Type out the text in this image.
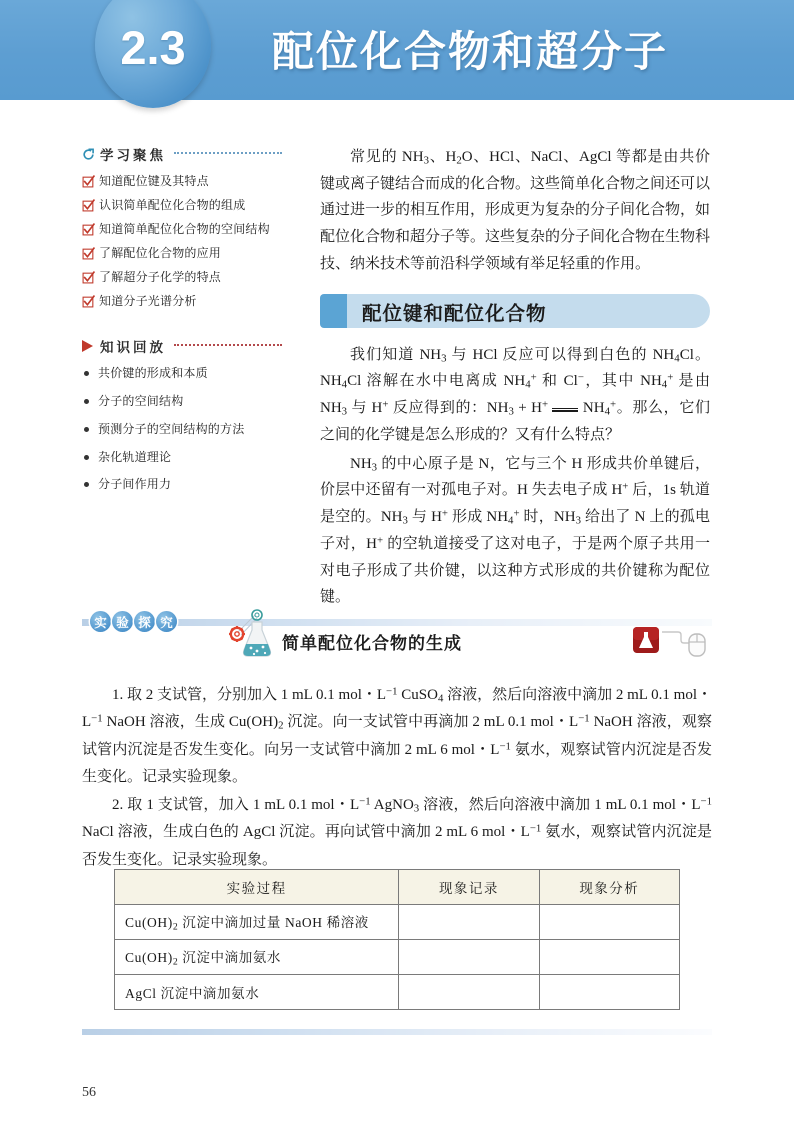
2.3	配位化合物和超分子
学习聚焦
知道配位键及其特点
认识简单配位化合物的组成
知道简单配位化合物的空间结构
了解配位化合物的应用
了解超分子化学的特点
知道分子光谱分析
知识回放
共价键的形成和本质
分子的空间结构
预测分子的空间结构的方法
杂化轨道理论
分子间作用力

常见的 $NH_3$、$H_2O$、HCl、NaCl、AgCl 等都是由共价键或离子键结合而成的化合物。这些简单化合物之间还可以通过进一步的相互作用，形成更为复杂的分子间化合物，如配位化合物和超分子等。这些复杂的分子间化合物在生物科技、纳米技术等前沿科学领域有举足轻重的作用。

配位键和配位化合物

我们知道 $NH_3$ 与 HCl 反应可以得到白色的 $NH_4Cl$。$NH_4Cl$ 溶解在水中电离成 $NH_4^+$ 和 Cl−，其中 $NH_4^+$ 是由 $NH_3$ 与 H+ 反应得到的：$NH_3 + H^+$  $NH_4^+$。那么，它们之间的化学键是怎么形成的？又有什么特点？

$NH_3$ 的中心原子是 N，它与三个 H 形成共价单键后，价层中还留有一对孤电子对。H 失去电子成 H+ 后，1s 轨道是空的。$NH_3$ 与 H+ 形成 $NH_4^+$ 时，$NH_3$ 给出了 N 上的孤电子对，H+ 的空轨道接受了这对电子，于是两个原子共用一对电子形成了共价键，以这种方式形成的共价键称为配位键。

实 验 探 究
简单配位化合物的生成

1. 取 2 支试管，分别加入 1 mL 0.1 mol・$L^{-1}$ CuSO$_4$ 溶液，然后向溶液中滴加 2 mL 0.1 mol・$L^{-1}$ NaOH 溶液，生成 $Cu(OH)_2$ 沉淀。向一支试管中再滴加 2 mL 0.1 mol・$L^{-1}$ NaOH 溶液，观察试管内沉淀是否发生变化。向另一支试管中滴加 2 mL 6 mol・$L^{-1}$ 氨水，观察试管内沉淀是否发生变化。记录实验现象。

2. 取 1 支试管，加入 1 mL 0.1 mol・$L^{-1}$ AgNO$_3$ 溶液，然后向溶液中滴加 1 mL 0.1 mol・$L^{-1}$ NaCl 溶液，生成白色的 AgCl 沉淀。再向试管中滴加 2 mL 6 mol・$L^{-1}$ 氨水，观察试管内沉淀是否发生变化。记录实验现象。

实验过程	现象记录	现象分析
$Cu(OH)_2$ 沉淀中滴加过量 NaOH 稀溶液		
$Cu(OH)_2$ 沉淀中滴加氨水		
AgCl 沉淀中滴加氨水		
56
